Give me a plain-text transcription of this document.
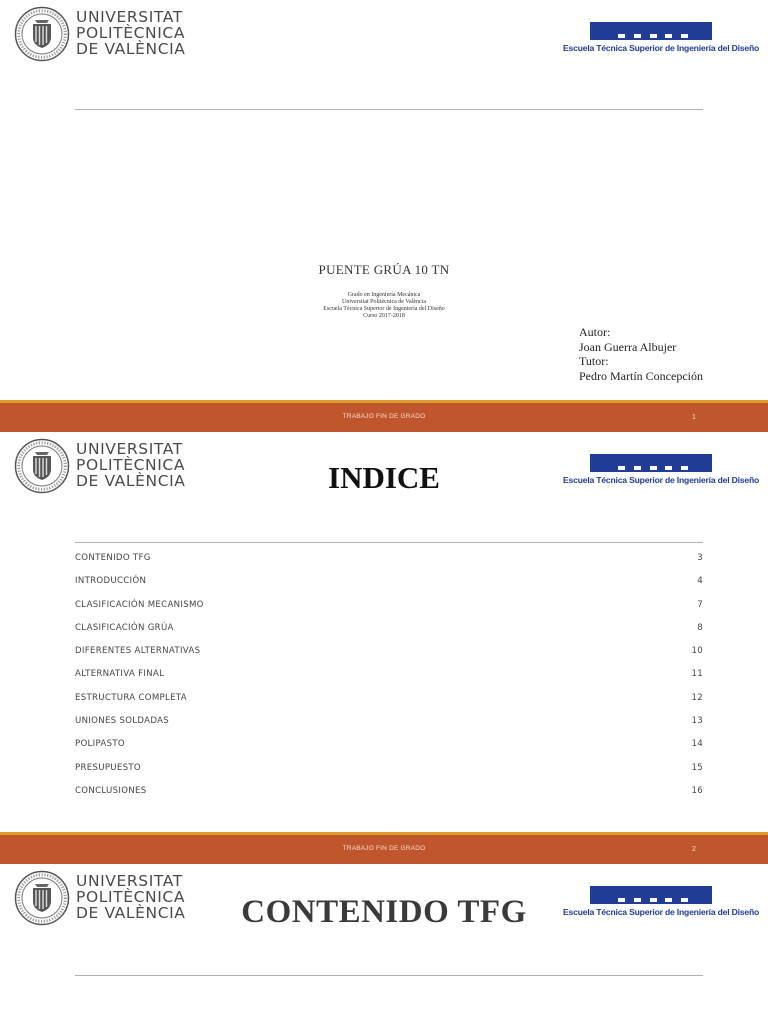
UNIVERSITAT
POLITÈCNICA
DE VALÈNCIA	Escuela Técnica Superior de Ingeniería del Diseño
PUENTE GRÚA 10 TN
Grado en Ingeniería Mecánica
Universitat Politècnica de València
Escuela Técnica Superior de Ingeniería del Diseño
Curso 2017-2018
Autor:
Joan Guerra Albujer
Tutor:
Pedro Martín Concepción
TRABAJO FIN DE GRADO	1
UNIVERSITAT
POLITÈCNICA
DE VALÈNCIA	Escuela Técnica Superior de Ingeniería del Diseño
INDICE
CONTENIDO TFG	3
INTRODUCCIÓN	4
CLASIFICACIÓN MECANISMO	7
CLASIFICACIÓN GRÚA	8
DIFERENTES ALTERNATIVAS	10
ALTERNATIVA FINAL	11
ESTRUCTURA COMPLETA	12
UNIONES SOLDADAS	13
POLIPASTO	14
PRESUPUESTO	15
CONCLUSIONES	16
TRABAJO FIN DE GRADO	2
UNIVERSITAT
POLITÈCNICA
DE VALÈNCIA	Escuela Técnica Superior de Ingeniería del Diseño
CONTENIDO TFG
